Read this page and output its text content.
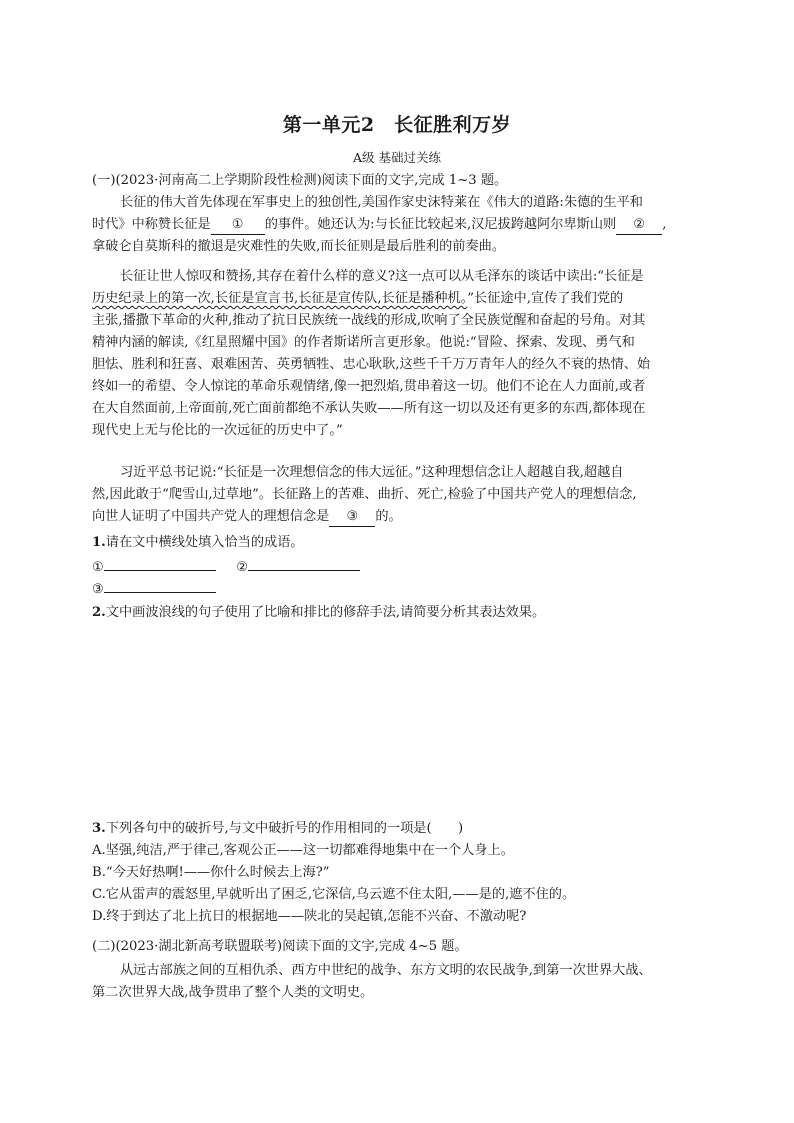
第一单元2　长征胜利万岁
A级 基础过关练
(一)(2023·河南高二上学期阶段性检测)阅读下面的文字,完成 1~3 题。
长征的伟大首先体现在军事史上的独创性,美国作家史沫特莱在《伟大的道路:朱德的生平和
时代》中称赞长征是 ① 的事件。她还认为:与长征比较起来,汉尼拔跨越阿尔卑斯山则 ② ,
拿破仑自莫斯科的撤退是灾难性的失败,而长征则是最后胜利的前奏曲。
长征让世人惊叹和赞扬,其存在着什么样的意义?这一点可以从毛泽东的谈话中读出:“长征是
历史纪录上的第一次,长征是宣言书,长征是宣传队,长征是播种机。”长征途中,宣传了我们党的
主张,播撒下革命的火种,推动了抗日民族统一战线的形成,吹响了全民族觉醒和奋起的号角。对其
精神内涵的解读,《红星照耀中国》的作者斯诺所言更形象。他说:“冒险、探索、发现、勇气和
胆怯、胜利和狂喜、艰难困苦、英勇牺牲、忠心耿耿,这些千千万万青年人的经久不衰的热情、始
终如一的希望、令人惊诧的革命乐观情绪,像一把烈焰,贯串着这一切。他们不论在人力面前,或者
在大自然面前,上帝面前,死亡面前都绝不承认失败——所有这一切以及还有更多的东西,都体现在
现代史上无与伦比的一次远征的历史中了。”
习近平总书记说:“长征是一次理想信念的伟大远征。”这种理想信念让人超越自我,超越自
然,因此敢于“爬雪山,过草地”。长征路上的苦难、曲折、死亡,检验了中国共产党人的理想信念,
向世人证明了中国共产党人的理想信念是 ③ 的。
1.请在文中横线处填入恰当的成语。
①	②
③
2.文中画波浪线的句子使用了比喻和排比的修辞手法,请简要分析其表达效果。
3.下列各句中的破折号,与文中破折号的作用相同的一项是(　　)
A.坚强,纯洁,严于律己,客观公正——这一切都难得地集中在一个人身上。
B.“今天好热啊!——你什么时候去上海?”
C.它从雷声的震怒里,早就听出了困乏,它深信,乌云遮不住太阳,——是的,遮不住的。
D.终于到达了北上抗日的根据地——陕北的吴起镇,怎能不兴奋、不激动呢?
(二)(2023·湖北新高考联盟联考)阅读下面的文字,完成 4~5 题。
从远古部族之间的互相仇杀、西方中世纪的战争、东方文明的农民战争,到第一次世界大战、
第二次世界大战,战争贯串了整个人类的文明史。
